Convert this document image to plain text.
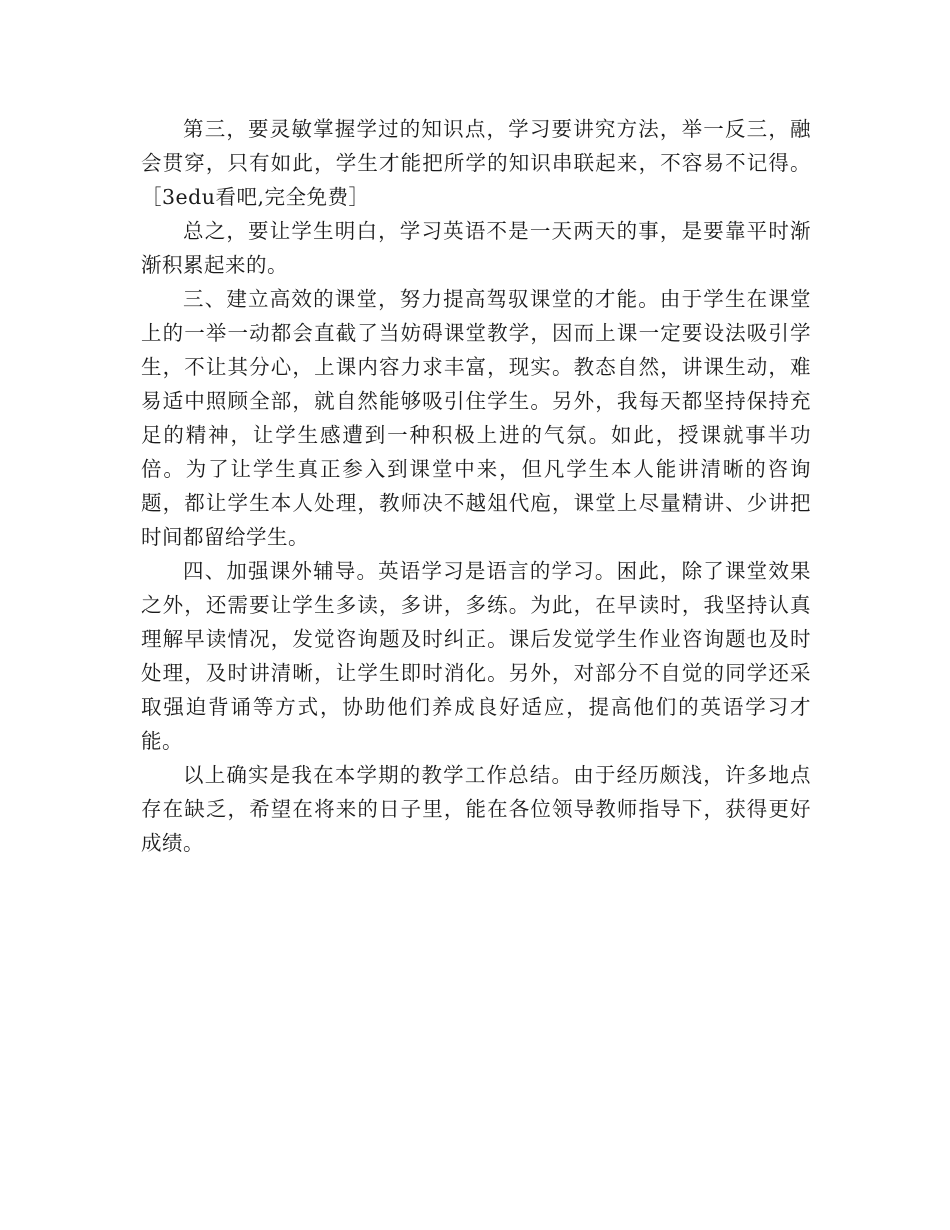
第三，要灵敏掌握学过的知识点，学习要讲究方法，举一反三，融会贯穿，只有如此，学生才能把所学的知识串联起来，不容易不记得。［3edu看吧,完全免费］

总之，要让学生明白，学习英语不是一天两天的事，是要靠平时渐渐积累起来的。

三、建立高效的课堂，努力提高驾驭课堂的才能。由于学生在课堂上的一举一动都会直截了当妨碍课堂教学，因而上课一定要设法吸引学生，不让其分心，上课内容力求丰富，现实。教态自然，讲课生动，难易适中照顾全部，就自然能够吸引住学生。另外，我每天都坚持保持充足的精神，让学生感遭到一种积极上进的气氛。如此，授课就事半功倍。为了让学生真正参入到课堂中来，但凡学生本人能讲清晰的咨询题，都让学生本人处理，教师决不越俎代庖，课堂上尽量精讲、少讲把时间都留给学生。

四、加强课外辅导。英语学习是语言的学习。困此，除了课堂效果之外，还需要让学生多读，多讲，多练。为此，在早读时，我坚持认真理解早读情况，发觉咨询题及时纠正。课后发觉学生作业咨询题也及时处理，及时讲清晰，让学生即时消化。另外，对部分不自觉的同学还采取强迫背诵等方式，协助他们养成良好适应，提高他们的英语学习才能。

以上确实是我在本学期的教学工作总结。由于经历颇浅，许多地点存在缺乏，希望在将来的日子里，能在各位领导教师指导下，获得更好成绩。
